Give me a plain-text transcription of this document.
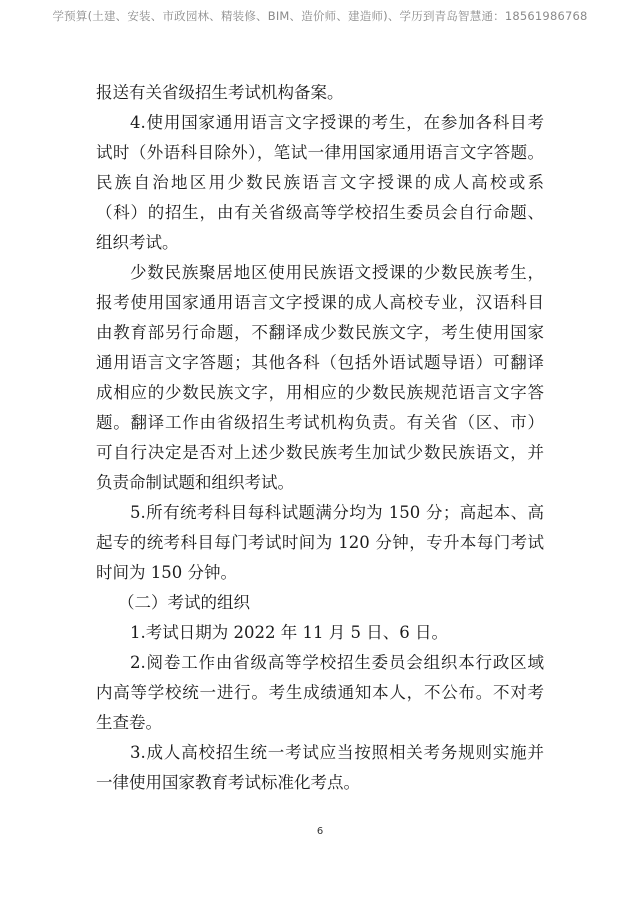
学预算(土建、安装、市政园林、精装修、BIM、造价师、建造师)、学历到青岛智慧通：18561986768
报送有关省级招生考试机构备案。
4.使用国家通用语言文字授课的考生，在参加各科目考
试时（外语科目除外），笔试一律用国家通用语言文字答题。
民族自治地区用少数民族语言文字授课的成人高校或系
（科）的招生，由有关省级高等学校招生委员会自行命题、
组织考试。
少数民族聚居地区使用民族语文授课的少数民族考生，
报考使用国家通用语言文字授课的成人高校专业，汉语科目
由教育部另行命题，不翻译成少数民族文字，考生使用国家
通用语言文字答题；其他各科（包括外语试题导语）可翻译
成相应的少数民族文字，用相应的少数民族规范语言文字答
题。翻译工作由省级招生考试机构负责。有关省（区、市）
可自行决定是否对上述少数民族考生加试少数民族语文，并
负责命制试题和组织考试。
5.所有统考科目每科试题满分均为 150 分；高起本、高
起专的统考科目每门考试时间为 120 分钟，专升本每门考试
时间为 150 分钟。
（二）考试的组织
1.考试日期为 2022 年 11 月 5 日、6 日。
2.阅卷工作由省级高等学校招生委员会组织本行政区域
内高等学校统一进行。考生成绩通知本人，不公布。不对考
生查卷。
3.成人高校招生统一考试应当按照相关考务规则实施并
一律使用国家教育考试标准化考点。
6
